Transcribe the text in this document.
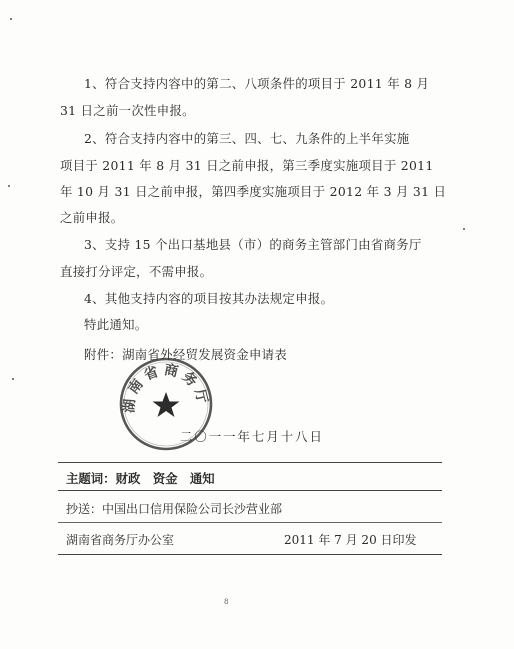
1、符合支持内容中的第二、八项条件的项目于 2011 年 8 月
31 日之前一次性申报。
2、符合支持内容中的第三、四、七、九条件的上半年实施
项目于 2011 年 8 月 31 日之前申报，第三季度实施项目于 2011
年 10 月 31 日之前申报，第四季度实施项目于 2012 年 3 月 31 日
之前申报。
3、支持 15 个出口基地县（市）的商务主管部门由省商务厅
直接打分评定，不需申报。
4、其他支持内容的项目按其办法规定申报。
特此通知。
附件：湖南省外经贸发展资金申请表
湖南省商务厅
二〇一一年七月十八日
主题词：财政　资金　通知
抄送：中国出口信用保险公司长沙营业部
湖南省商务厅办公室	2011 年 7 月 20 日印发
8
